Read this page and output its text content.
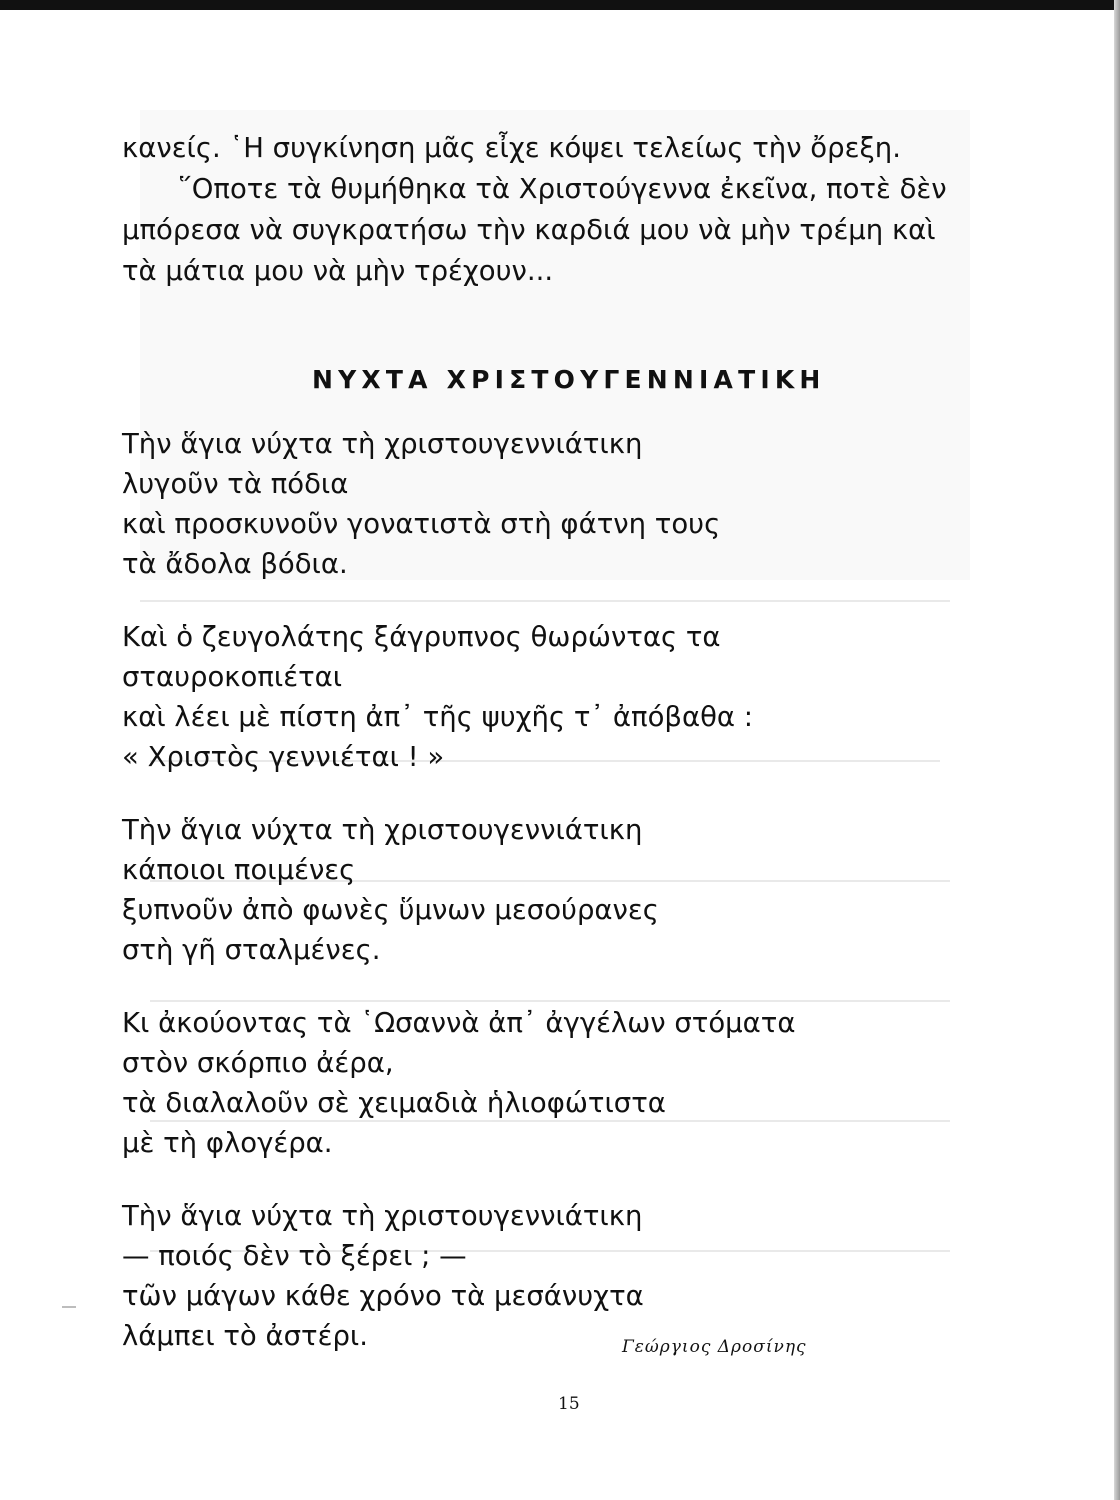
κανείς. ῾Η συγκίνηση μᾶς εἶχε κόψει τελείως τὴν ὄρεξη.

῞Οποτε τὰ θυμήθηκα τὰ Χριστούγεννα ἐκεῖνα, ποτὲ δὲν

μπόρεσα νὰ συγκρατήσω τὴν καρδιά μου νὰ μὴν τρέμη καὶ

τὰ μάτια μου νὰ μὴν τρέχουν...

ΝΥΧΤΑ ΧΡΙΣΤΟΥΓΕΝΝΙΑΤΙΚΗ
Τὴν ἅγια νύχτα τὴ χριστουγεννιάτικη
λυγοῦν τὰ πόδια
καὶ προσκυνοῦν γονατιστὰ στὴ φάτνη τους
τὰ ἄδολα βόδια.
Καὶ ὁ ζευγολάτης ξάγρυπνος θωρώντας τα
σταυροκοπιέται
καὶ λέει μὲ πίστη ἀπ᾽ τῆς ψυχῆς τ᾽ ἀπόβαθα :
« Χριστὸς γεννιέται ! »
Τὴν ἅγια νύχτα τὴ χριστουγεννιάτικη
κάποιοι ποιμένες
ξυπνοῦν ἀπὸ φωνὲς ὕμνων μεσούρανες
στὴ γῆ σταλμένες.
Κι ἀκούοντας τὰ ῾Ωσαννὰ ἀπ᾽ ἀγγέλων στόματα
στὸν σκόρπιο ἀέρα,
τὰ διαλαλοῦν σὲ χειμαδιὰ ἡλιοφώτιστα
μὲ τὴ φλογέρα.
Τὴν ἅγια νύχτα τὴ χριστουγεννιάτικη
— ποιός δὲν τὸ ξέρει ; —
τῶν μάγων κάθε χρόνο τὰ μεσάνυχτα
λάμπει τὸ ἀστέρι.	Γεώργιος Δροσίνης
15
